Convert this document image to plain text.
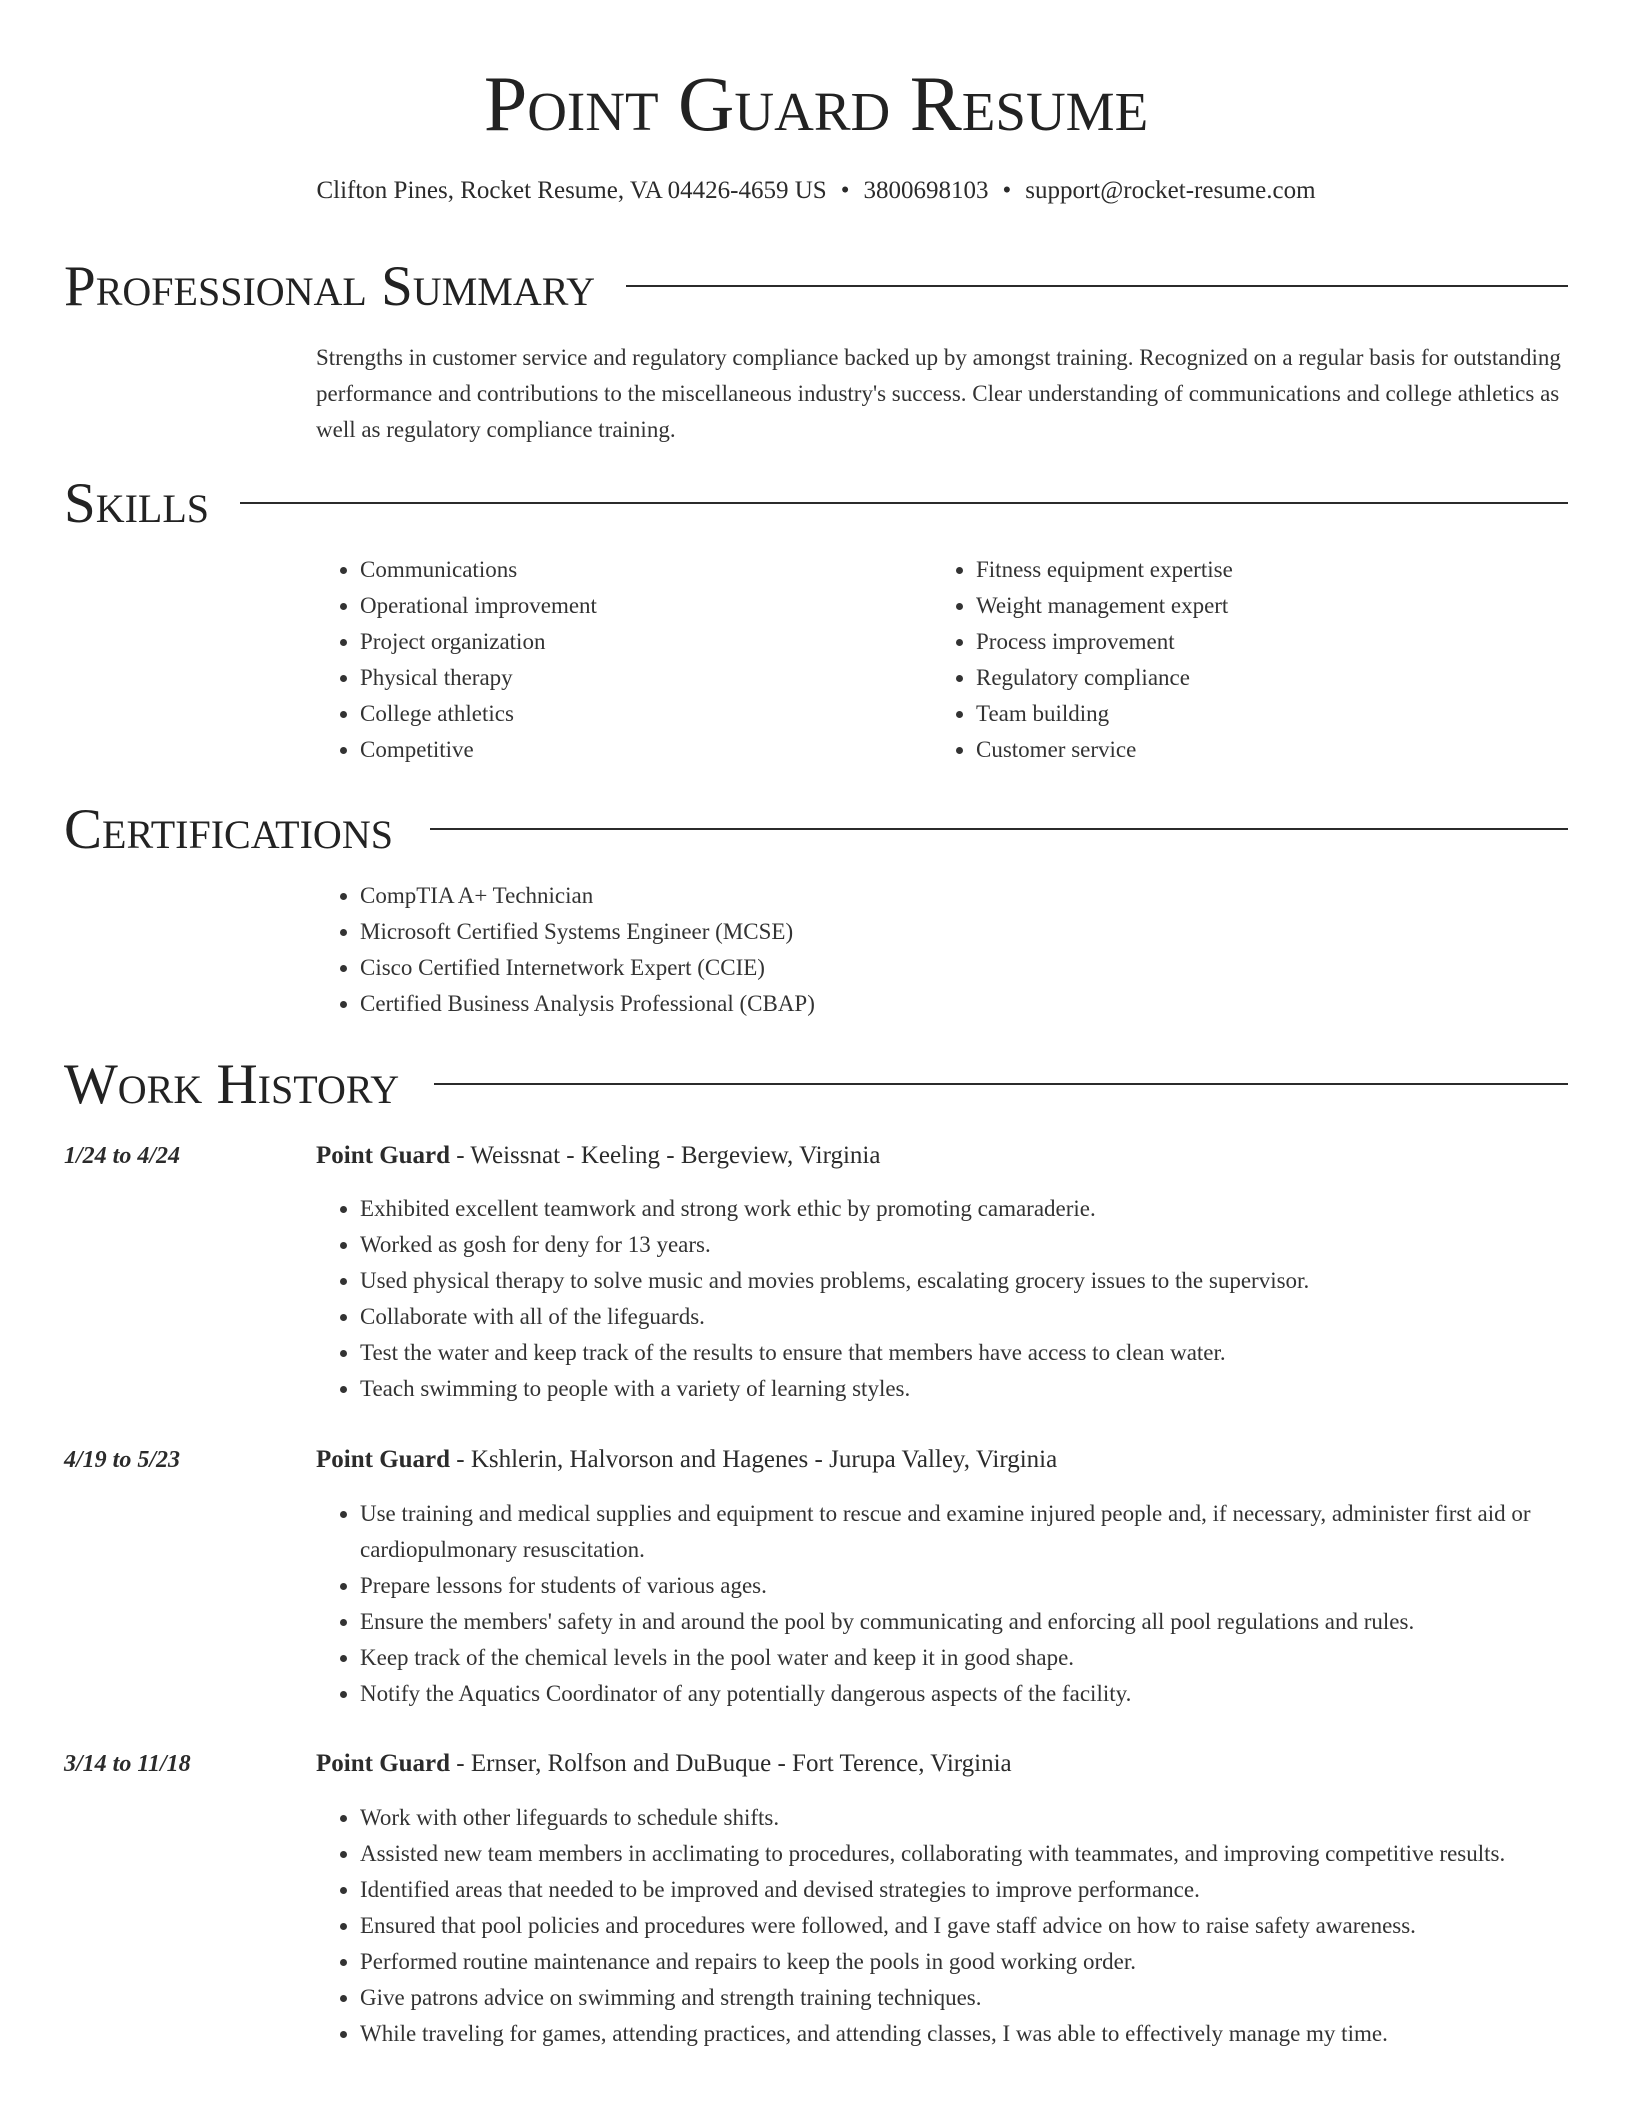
Point Guard Resume
Clifton Pines, Rocket Resume, VA 04426-4659 US • 3800698103 • support@rocket-resume.com
Professional Summary
Strengths in customer service and regulatory compliance backed up by amongst training. Recognized on a regular basis for outstanding performance and contributions to the miscellaneous industry's success. Clear understanding of communications and college athletics as well as regulatory compliance training.
Skills
• Communications
• Operational improvement
• Project organization
• Physical therapy
• College athletics
• Competitive
• Fitness equipment expertise
• Weight management expert
• Process improvement
• Regulatory compliance
• Team building
• Customer service
Certifications
• CompTIA A+ Technician
• Microsoft Certified Systems Engineer (MCSE)
• Cisco Certified Internetwork Expert (CCIE)
• Certified Business Analysis Professional (CBAP)
Work History
1/24 to 4/24	Point Guard - Weissnat - Keeling - Bergeview, Virginia
• Exhibited excellent teamwork and strong work ethic by promoting camaraderie.
• Worked as gosh for deny for 13 years.
• Used physical therapy to solve music and movies problems, escalating grocery issues to the supervisor.
• Collaborate with all of the lifeguards.
• Test the water and keep track of the results to ensure that members have access to clean water.
• Teach swimming to people with a variety of learning styles.
4/19 to 5/23	Point Guard - Kshlerin, Halvorson and Hagenes - Jurupa Valley, Virginia
• Use training and medical supplies and equipment to rescue and examine injured people and, if necessary, administer first aid or cardiopulmonary resuscitation.
• Prepare lessons for students of various ages.
• Ensure the members' safety in and around the pool by communicating and enforcing all pool regulations and rules.
• Keep track of the chemical levels in the pool water and keep it in good shape.
• Notify the Aquatics Coordinator of any potentially dangerous aspects of the facility.
3/14 to 11/18	Point Guard - Ernser, Rolfson and DuBuque - Fort Terence, Virginia
• Work with other lifeguards to schedule shifts.
• Assisted new team members in acclimating to procedures, collaborating with teammates, and improving competitive results.
• Identified areas that needed to be improved and devised strategies to improve performance.
• Ensured that pool policies and procedures were followed, and I gave staff advice on how to raise safety awareness.
• Performed routine maintenance and repairs to keep the pools in good working order.
• Give patrons advice on swimming and strength training techniques.
• While traveling for games, attending practices, and attending classes, I was able to effectively manage my time.
